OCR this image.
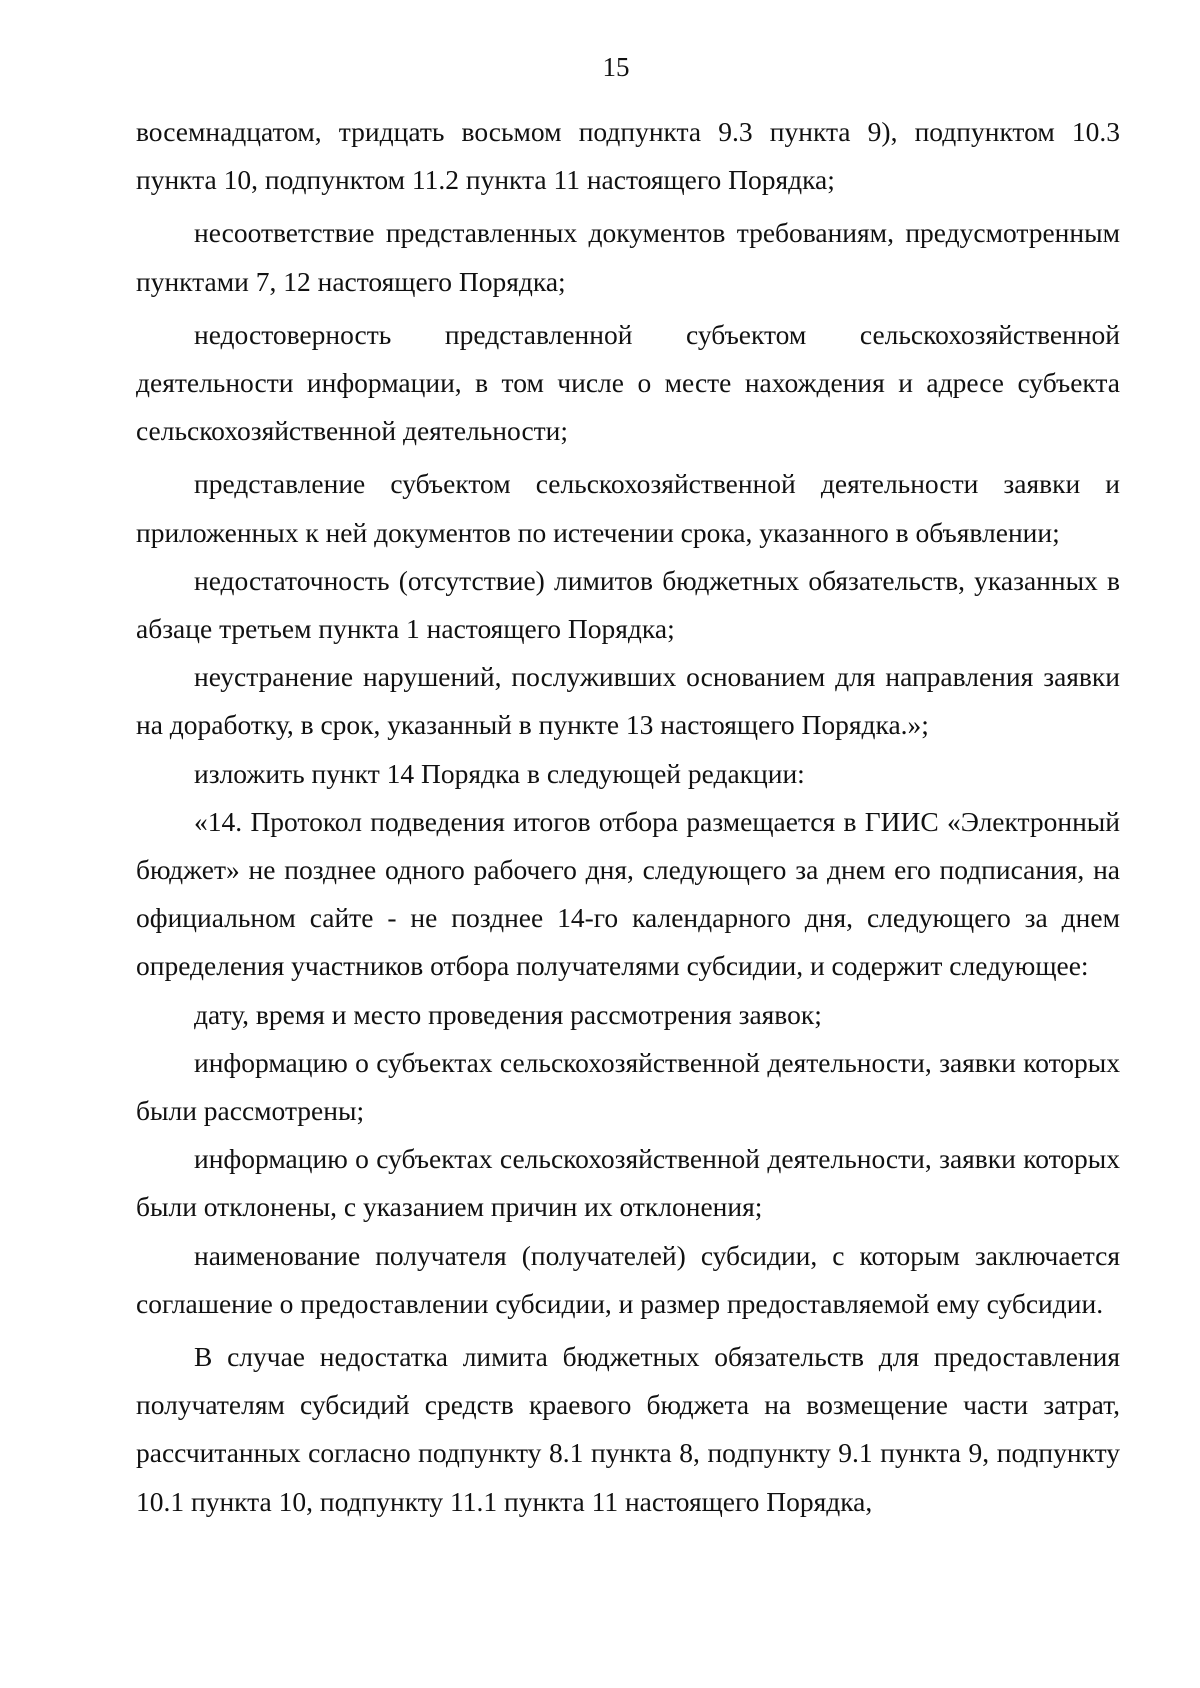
15

восемнадцатом, тридцать восьмом подпункта 9.3 пункта 9), подпунктом 10.3 пункта 10, подпунктом 11.2 пункта 11 настоящего Порядка;

несоответствие представленных документов требованиям, предусмотренным пунктами 7, 12 настоящего Порядка;

недостоверность представленной субъектом сельскохозяйственной деятельности информации, в том числе о месте нахождения и адресе субъекта сельскохозяйственной деятельности;

представление субъектом сельскохозяйственной деятельности заявки и приложенных к ней документов по истечении срока, указанного в объявлении;

недостаточность (отсутствие) лимитов бюджетных обязательств, указанных в абзаце третьем пункта 1 настоящего Порядка;

неустранение нарушений, послуживших основанием для направления заявки на доработку, в срок, указанный в пункте 13 настоящего Порядка.»;

изложить пункт 14 Порядка в следующей редакции:

«14. Протокол подведения итогов отбора размещается в ГИИС «Электронный бюджет» не позднее одного рабочего дня, следующего за днем его подписания, на официальном сайте - не позднее 14-го календарного дня, следующего за днем определения участников отбора получателями субсидии, и содержит следующее:

дату, время и место проведения рассмотрения заявок;

информацию о субъектах сельскохозяйственной деятельности, заявки которых были рассмотрены;

информацию о субъектах сельскохозяйственной деятельности, заявки которых были отклонены, с указанием причин их отклонения;

наименование получателя (получателей) субсидии, с которым заключается соглашение о предоставлении субсидии, и размер предоставляемой ему субсидии.

В случае недостатка лимита бюджетных обязательств для предоставления получателям субсидий средств краевого бюджета на возмещение части затрат, рассчитанных согласно подпункту 8.1 пункта 8, подпункту 9.1 пункта 9, подпункту 10.1 пункта 10, подпункту 11.1 пункта 11 настоящего Порядка,
